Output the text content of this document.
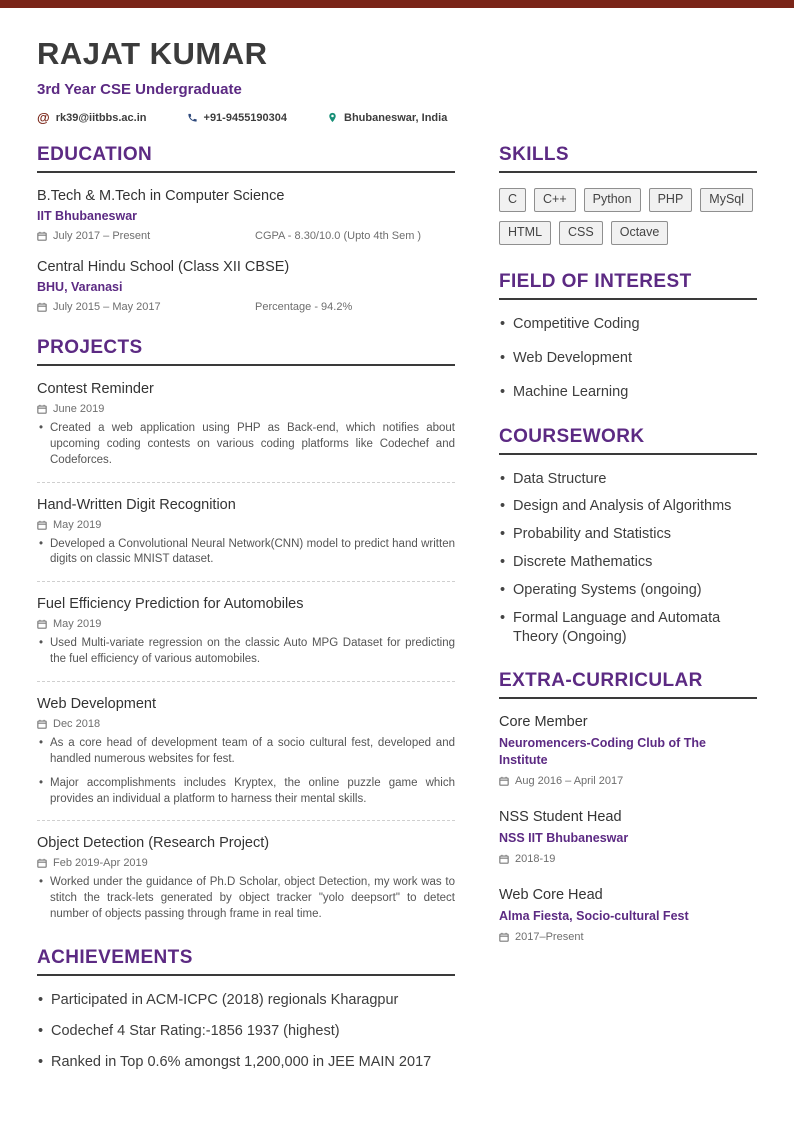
RAJAT KUMAR
3rd Year CSE Undergraduate
@ rk39@iitbbs.ac.in	+91-9455190304	Bhubaneswar, India
EDUCATION
B.Tech & M.Tech in Computer Science
IIT Bhubaneswar
July 2017 – Present	CGPA - 8.30/10.0 (Upto 4th Sem )
Central Hindu School (Class XII CBSE)
BHU, Varanasi
July 2015 – May 2017	Percentage - 94.2%
PROJECTS
Contest Reminder
June 2019
• Created a web application using PHP as Back-end, which notifies about upcoming coding contests on various coding platforms like Codechef and Codeforces.
Hand-Written Digit Recognition
May 2019
• Developed a Convolutional Neural Network(CNN) model to predict hand written digits on classic MNIST dataset.
Fuel Efficiency Prediction for Automobiles
May 2019
• Used Multi-variate regression on the classic Auto MPG Dataset for predicting the fuel efficiency of various automobiles.
Web Development
Dec 2018
• As a core head of development team of a socio cultural fest, developed and handled numerous websites for fest.
• Major accomplishments includes Kryptex, the online puzzle game which provides an individual a platform to harness their mental skills.
Object Detection (Research Project)
Feb 2019-Apr 2019
• Worked under the guidance of Ph.D Scholar, object Detection, my work was to stitch the track-lets generated by object tracker "yolo deepsort" to detect number of objects passing through frame in real time.
ACHIEVEMENTS
• Participated in ACM-ICPC (2018) regionals Kharagpur
• Codechef 4 Star Rating:-1856 1937 (highest)
• Ranked in Top 0.6% amongst 1,200,000 in JEE MAIN 2017
SKILLS
C	C++	Python	PHP	MySql
HTML	CSS	Octave
FIELD OF INTEREST
• Competitive Coding
• Web Development
• Machine Learning
COURSEWORK
• Data Structure
• Design and Analysis of Algorithms
• Probability and Statistics
• Discrete Mathematics
• Operating Systems (ongoing)
• Formal Language and Automata Theory (Ongoing)
EXTRA-CURRICULAR
Core Member
Neuromencers-Coding Club of The Institute
Aug 2016 – April 2017
NSS Student Head
NSS IIT Bhubaneswar
2018-19
Web Core Head
Alma Fiesta, Socio-cultural Fest
2017–Present
